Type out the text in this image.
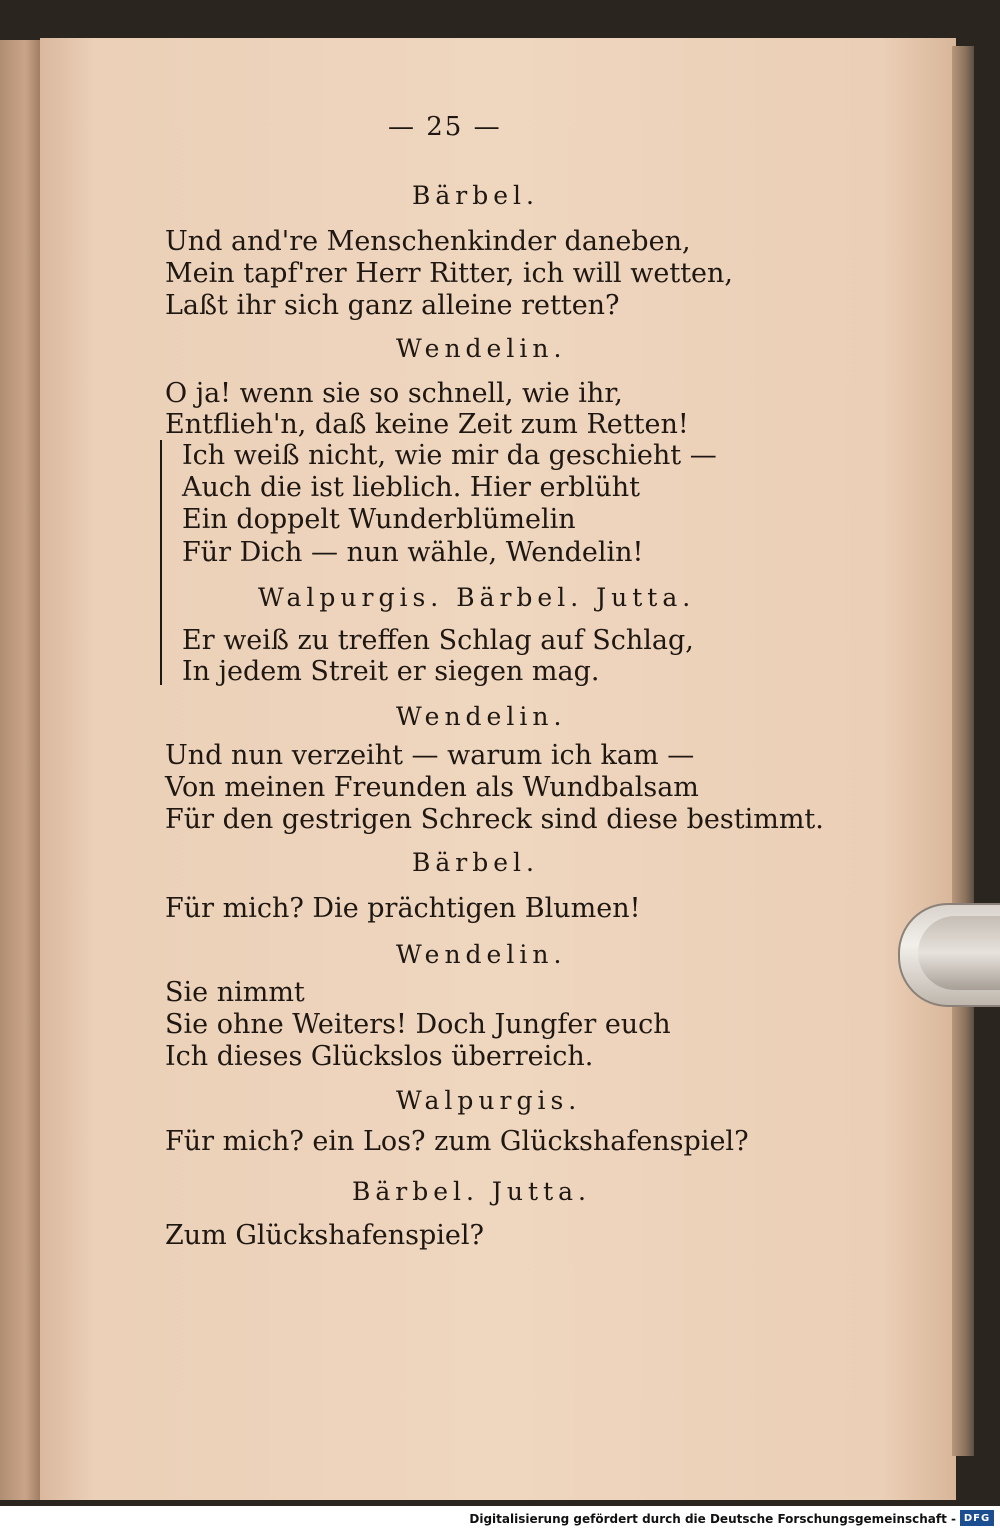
— 25 —
Bärbel.
Und and're Menschenkinder daneben,
Mein tapf'rer Herr Ritter, ich will wetten,
Laßt ihr sich ganz alleine retten?
Wendelin.
O ja! wenn sie so schnell, wie ihr,
Entflieh'n, daß keine Zeit zum Retten!
Ich weiß nicht, wie mir da geschieht —
Auch die ist lieblich. Hier erblüht
Ein doppelt Wunderblümelin
Für Dich — nun wähle, Wendelin!
Walpurgis. Bärbel. Jutta.
Er weiß zu treffen Schlag auf Schlag,
In jedem Streit er siegen mag.
Wendelin.
Und nun verzeiht — warum ich kam —
Von meinen Freunden als Wundbalsam
Für den gestrigen Schreck sind diese bestimmt.
Bärbel.
Für mich? Die prächtigen Blumen!
Wendelin.
Sie nimmt
Sie ohne Weiters! Doch Jungfer euch
Ich dieses Glückslos überreich.
Walpurgis.
Für mich? ein Los? zum Glückshafenspiel?
Bärbel. Jutta.
Zum Glückshafenspiel?
Digitalisierung gefördert durch die Deutsche Forschungsgemeinschaft - DFG
